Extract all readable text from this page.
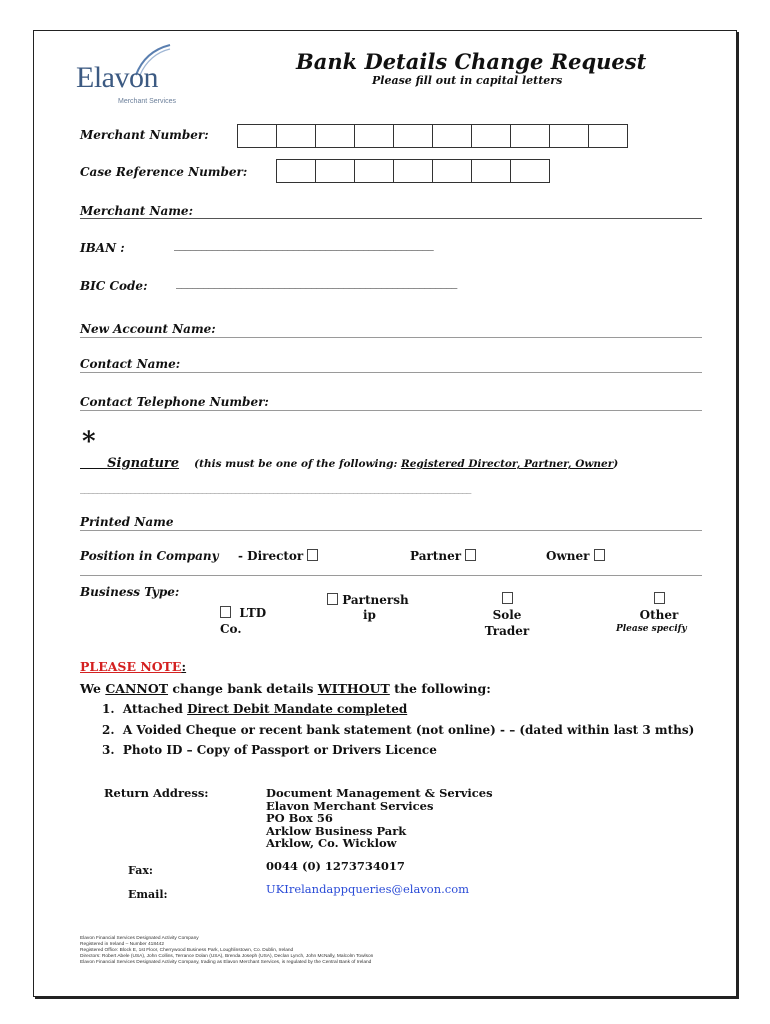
Elavon
Merchant Services
Bank Details Change Request
Please fill out in capital letters
Merchant Number:
Case Reference Number:
Merchant Name:
IBAN :	________________________________________________
BIC Code: ____________________________________________________
New Account Name:
Contact Name:
Contact Telephone Number:
*
Signature (this must be one of the following: Registered Director, Partner, Owner)
_____________________________________________________________________________________________
Printed Name
Position in Company - Director	Partner	Owner
Business Type:
LTD
Co.
Partnersh
ip	Sole Trader

Other
Please specify
PLEASE NOTE:
We CANNOT change bank details WITHOUT the following:
1. Attached Direct Debit Mandate completed
2. A Voided Cheque or recent bank statement (not online) - – (dated within last 3 mths)
3. Photo ID – Copy of Passport or Drivers Licence
Return Address:	Document Management & Services
Elavon Merchant Services
PO Box 56
Arklow Business Park
Arklow, Co. Wicklow
Fax:	0044 (0) 1273734017
Email:	UKIrelandappqueries@elavon.com
Elavon Financial Services Designated Activity Company
Registered in Ireland – Number 418442
Registered Office: Block E, 1st Floor, Cherrywood Business Park, Loughlinstown, Co. Dublin, Ireland
Directors: Robert Abele (USA), John Collins, Terrance Dolan (USA), Brenda Joseph (USA), Declan Lynch, John McNally, Malcolm Towlson
Elavon Financial Services Designated Activity Company, trading as Elavon Merchant Services, is regulated by the Central Bank of Ireland
